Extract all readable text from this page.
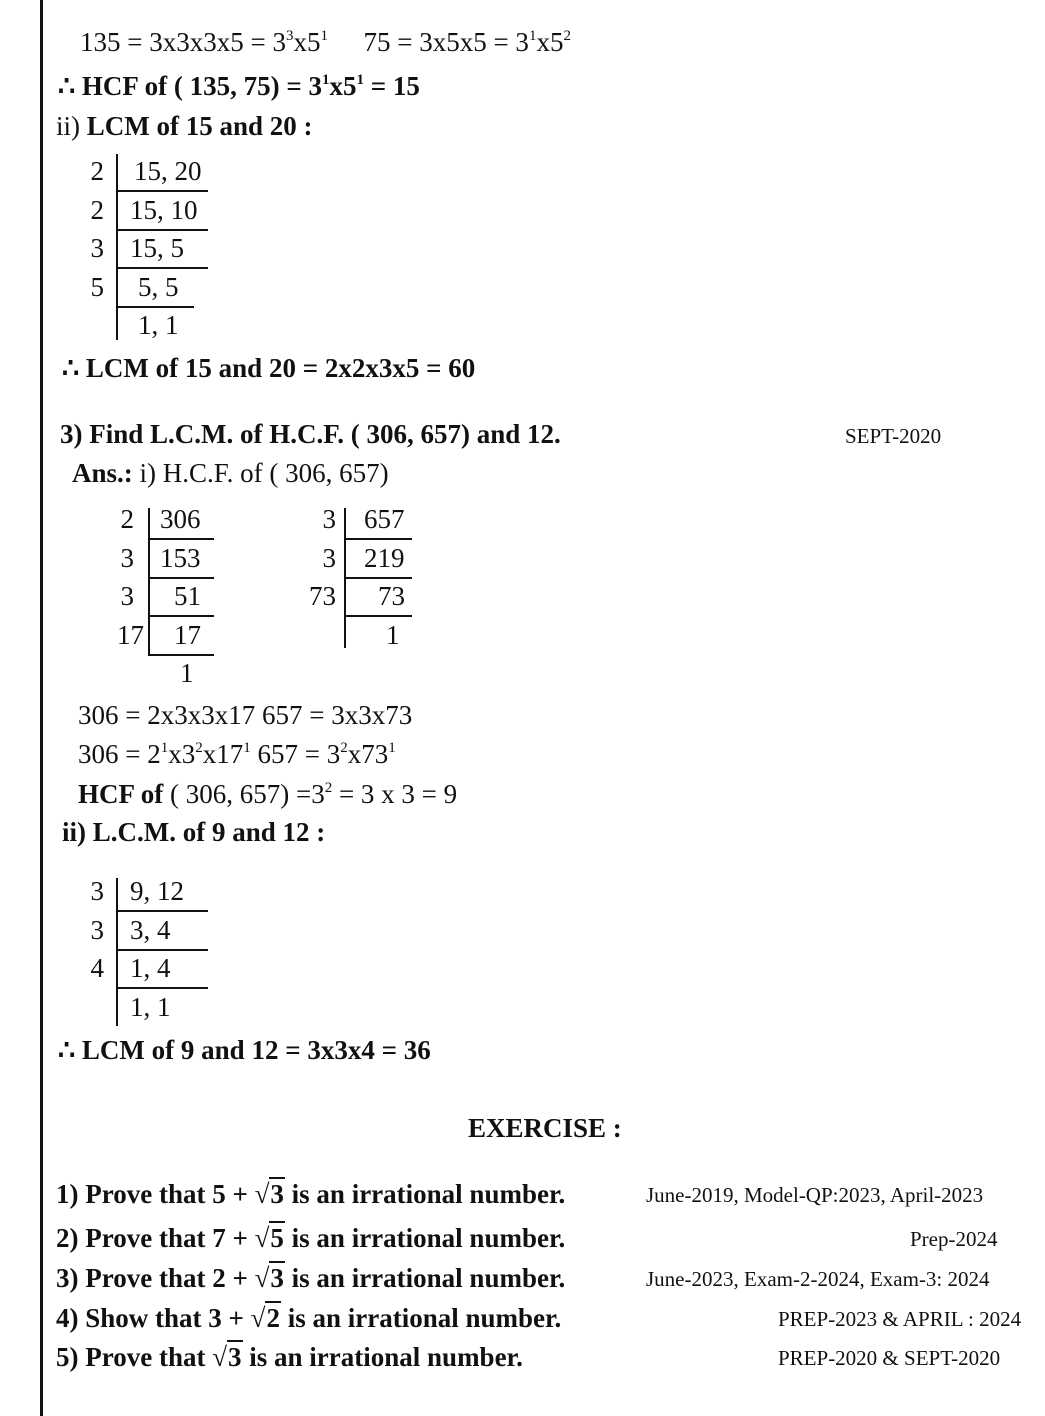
$135 = 3x3x3x5 = 3^3x5^1$ $75 = 3x5x5 = 3^1x5^2$
∴ HCF of ( 135, $75) = 3^1x5^1 = 15$
ii) LCM of 15 and 20 :
2 15, 20
2 15, 10
3 15, 5
5 5, 5
1, 1
∴ LCM of 15 and 20 = 2x2x3x5 = 60
3) Find L.C.M. of H.C.F. ( 306, 657) and 12.	SEPT-2020
Ans.: i) H.C.F. of ( 306, 657)
2 306
3 153
3 51
17 17
1
3 657
3 219
73 73
1
306 = 2x3x3x17 657 = 3x3x73
$306 = 2^1x3^2x17^1$ $657 = 3^2x73^1$
HCF of ( 306, $657) =3^2 = 3$ x 3 = 9
ii) L.C.M. of 9 and 12 :
3 9, 12
3 3, 4
4 1, 4
1, 1
∴ LCM of 9 and 12 = 3x3x4 = 36
EXERCISE :
1) Prove that 5 + √3 is an irrational number.	June-2019, Model-QP:2023, April-2023
2) Prove that 7 + √5 is an irrational number.	Prep-2024
3) Prove that 2 + √3 is an irrational number.	June-2023, Exam-2-2024, Exam-3: 2024
4) Show that 3 + √2 is an irrational number.	PREP-2023 & APRIL : 2024
5) Prove that √3 is an irrational number.	PREP-2020 & SEPT-2020
